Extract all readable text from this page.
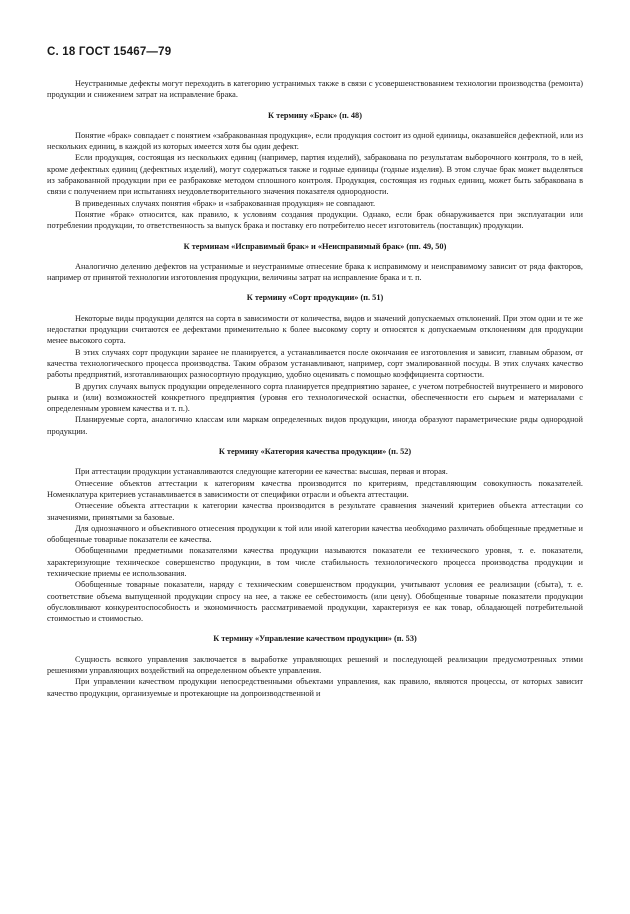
С. 18 ГОСТ 15467—79

Неустранимые дефекты могут переходить в категорию устранимых также в связи с усовершенствованием технологии производства (ремонта) продукции и снижением затрат на исправление брака.

К термину «Брак» (п. 48)

Понятие «брак» совпадает с понятием «забракованная продукция», если продукция состоит из одной единицы, оказавшейся дефектной, или из нескольких единиц, в каждой из которых имеется хотя бы один дефект.

Если продукция, состоящая из нескольких единиц (например, партия изделий), забракована по результатам выборочного контроля, то в ней, кроме дефектных единиц (дефектных изделий), могут содержаться также и годные единицы (годные изделия). В этом случае брак может выделяться из забракованной продукции при ее разбраковке методом сплошного контроля. Продукция, состоящая из годных единиц, может быть забракована в связи с получением при испытаниях неудовлетворительного значения показателя однородности.

В приведенных случаях понятия «брак» и «забракованная продукция» не совпадают.

Понятие «брак» относится, как правило, к условиям создания продукции. Однако, если брак обнаруживается при эксплуатации или потреблении продукции, то ответственность за выпуск брака и поставку его потребителю несет изготовитель (поставщик) продукции.

К терминам «Исправимый брак» и «Неисправимый брак» (пп. 49, 50)

Аналогично делению дефектов на устранимые и неустранимые отнесение брака к исправимому и неисправимому зависит от ряда факторов, например от принятой технологии изготовления продукции, величины затрат на исправление брака и т. п.

К термину «Сорт продукции» (п. 51)

Некоторые виды продукции делятся на сорта в зависимости от количества, видов и значений допускаемых отклонений. При этом одни и те же недостатки продукции считаются ее дефектами применительно к более высокому сорту и относятся к допускаемым отклонениям для продукции менее высокого сорта.

В этих случаях сорт продукции заранее не планируется, а устанавливается после окончания ее изготовления и зависит, главным образом, от качества технологического процесса производства. Таким образом устанавливают, например, сорт эмалированной посуды. В этих случаях качество работы предприятий, изготавливающих разносортную продукцию, удобно оценивать с помощью коэффициента сортности.

В других случаях выпуск продукции определенного сорта планируется предприятию заранее, с учетом потребностей внутреннего и мирового рынка и (или) возможностей конкретного предприятия (уровня его технологической оснастки, обеспеченности его сырьем и материалами с определенным уровнем качества и т. п.).

Планируемые сорта, аналогично классам или маркам определенных видов продукции, иногда образуют параметрические ряды однородной продукции.

К термину «Категория качества продукции» (п. 52)

При аттестации продукции устанавливаются следующие категории ее качества: высшая, первая и вторая.

Отнесение объектов аттестации к категориям качества производится по критериям, представляющим совокупность показателей. Номенклатура критериев устанавливается в зависимости от специфики отрасли и объекта аттестации.

Отнесение объекта аттестации к категории качества производится в результате сравнения значений критериев объекта аттестации со значениями, принятыми за базовые.

Для однозначного и объективного отнесения продукции к той или иной категории качества необходимо различать обобщенные предметные и обобщенные товарные показатели ее качества.

Обобщенными предметными показателями качества продукции называются показатели ее технического уровня, т. е. показатели, характеризующие техническое совершенство продукции, в том числе стабильность технологического процесса производства продукции и технические приемы ее использования.

Обобщенные товарные показатели, наряду с техническим совершенством продукции, учитывают условия ее реализации (сбыта), т. е. соответствие объема выпущенной продукции спросу на нее, а также ее себестоимость (или цену). Обобщенные товарные показатели продукции обусловливают конкурентоспособность и экономичность рассматриваемой продукции, характеризуя ее как товар, обладающей потребительной стоимостью и стоимостью.

К термину «Управление качеством продукции» (п. 53)

Сущность всякого управления заключается в выработке управляющих решений и последующей реализации предусмотренных этими решениями управляющих воздействий на определенном объекте управления.

При управлении качеством продукции непосредственными объектами управления, как правило, являются процессы, от которых зависит качество продукции, организуемые и протекающие на допроизводственной и
